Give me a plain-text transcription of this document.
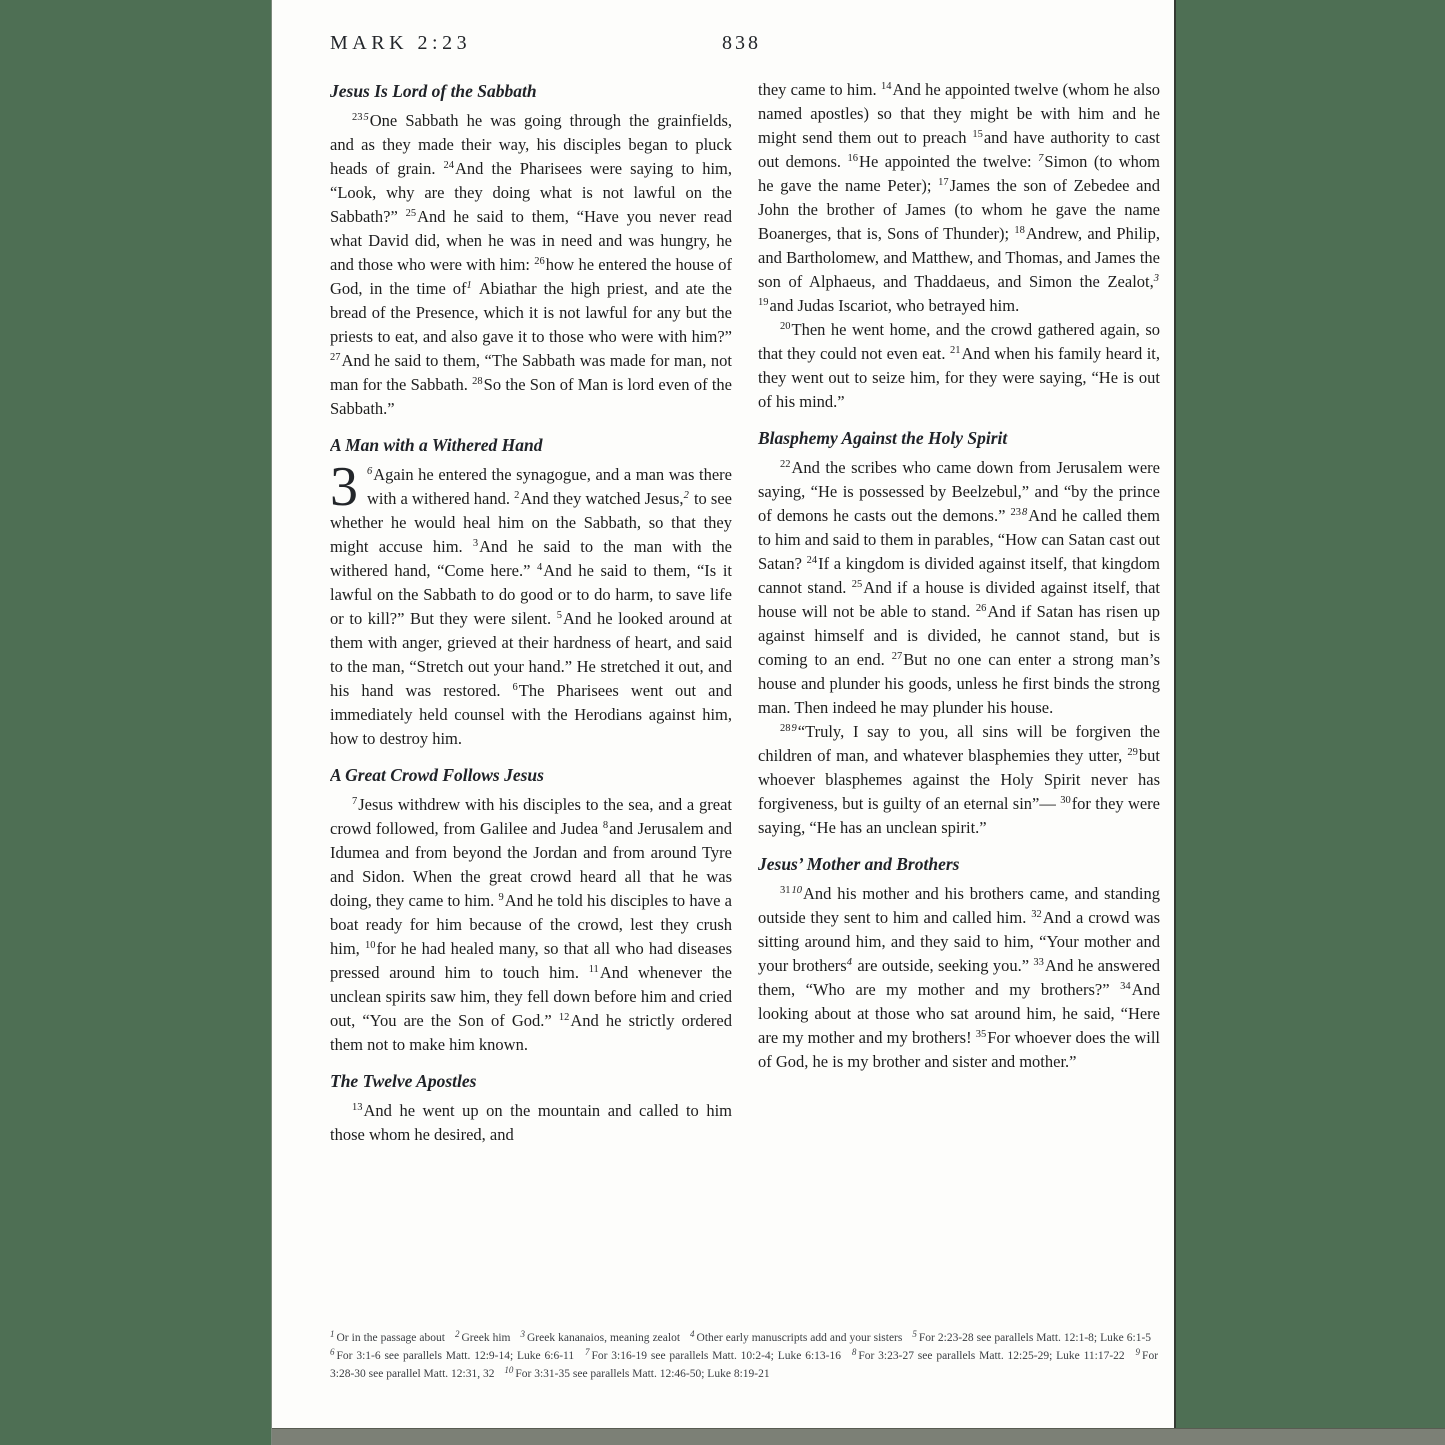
MARK 2:23	838
Jesus Is Lord of the Sabbath

$^{235}$One Sabbath he was going through the grainfields, and as they made their way, his disciples began to pluck heads of grain. $^{24}$And the Pharisees were saying to him, “Look, why are they doing what is not lawful on the Sabbath?” $^{25}$And he said to them, “Have you never read what David did, when he was in need and was hungry, he and those who were with him: $^{26}$how he entered the house of God, in the time of$^1$ Abiathar the high priest, and ate the bread of the Presence, which it is not lawful for any but the priests to eat, and also gave it to those who were with him?” $^{27}$And he said to them, “The Sabbath was made for man, not man for the Sabbath. $^{28}$So the Son of Man is lord even of the Sabbath.”

A Man with a Withered Hand

3 $^6$Again he entered the synagogue, and a man was there with a withered hand. $^2$And they watched Jesus,$^2$ to see whether he would heal him on the Sabbath, so that they might accuse him. $^3$And he said to the man with the withered hand, “Come here.” $^4$And he said to them, “Is it lawful on the Sabbath to do good or to do harm, to save life or to kill?” But they were silent. $^5$And he looked around at them with anger, grieved at their hardness of heart, and said to the man, “Stretch out your hand.” He stretched it out, and his hand was restored. $^6$The Pharisees went out and immediately held counsel with the Herodians against him, how to destroy him.

A Great Crowd Follows Jesus

$^7$Jesus withdrew with his disciples to the sea, and a great crowd followed, from Galilee and Judea $^8$and Jerusalem and Idumea and from beyond the Jordan and from around Tyre and Sidon. When the great crowd heard all that he was doing, they came to him. $^9$And he told his disciples to have a boat ready for him because of the crowd, lest they crush him, $^{10}$for he had healed many, so that all who had diseases pressed around him to touch him. $^{11}$And whenever the unclean spirits saw him, they fell down before him and cried out, “You are the Son of God.” $^{12}$And he strictly ordered them not to make him known.

The Twelve Apostles

$^{13}$And he went up on the mountain and called to him those whom he desired, and

they came to him. $^{14}$And he appointed twelve (whom he also named apostles) so that they might be with him and he might send them out to preach $^{15}$and have authority to cast out demons. $^{16}$He appointed the twelve: $^7$Simon (to whom he gave the name Peter); $^{17}$James the son of Zebedee and John the brother of James (to whom he gave the name Boanerges, that is, Sons of Thunder); $^{18}$Andrew, and Philip, and Bartholomew, and Matthew, and Thomas, and James the son of Alphaeus, and Thaddaeus, and Simon the Zealot,$^3$ $^{19}$and Judas Iscariot, who betrayed him.

$^{20}$Then he went home, and the crowd gathered again, so that they could not even eat. $^{21}$And when his family heard it, they went out to seize him, for they were saying, “He is out of his mind.”

Blasphemy Against the Holy Spirit

$^{22}$And the scribes who came down from Jerusalem were saying, “He is possessed by Beelzebul,” and “by the prince of demons he casts out the demons.” $^{238}$And he called them to him and said to them in parables, “How can Satan cast out Satan? $^{24}$If a kingdom is divided against itself, that kingdom cannot stand. $^{25}$And if a house is divided against itself, that house will not be able to stand. $^{26}$And if Satan has risen up against himself and is divided, he cannot stand, but is coming to an end. $^{27}$But no one can enter a strong man’s house and plunder his goods, unless he first binds the strong man. Then indeed he may plunder his house.

$^{289}$“Truly, I say to you, all sins will be forgiven the children of man, and whatever blasphemies they utter, $^{29}$but whoever blasphemes against the Holy Spirit never has forgiveness, but is guilty of an eternal sin”— $^{30}$for they were saying, “He has an unclean spirit.”

Jesus’ Mother and Brothers

$^{3110}$And his mother and his brothers came, and standing outside they sent to him and called him. $^{32}$And a crowd was sitting around him, and they said to him, “Your mother and your brothers$^4$ are outside, seeking you.” $^{33}$And he answered them, “Who are my mother and my brothers?” $^{34}$And looking about at those who sat around him, he said, “Here are my mother and my brothers! $^{35}$For whoever does the will of God, he is my brother and sister and mother.”

$^1$ Or in the passage about $^2$ Greek him $^3$ Greek kananaios, meaning zealot $^4$ Other early manuscripts add and your sisters $^5$ For 2:23-28 see parallels Matt. 12:1-8; Luke 6:1-5 $^6$ For 3:1-6 see parallels Matt. 12:9-14; Luke 6:6-11 $^7$ For 3:16-19 see parallels Matt. 10:2-4; Luke 6:13-16 $^8$ For 3:23-27 see parallels Matt. 12:25-29; Luke 11:17-22 $^9$ For 3:28-30 see parallel Matt. 12:31, 32 $^{10}$ For 3:31-35 see parallels Matt. 12:46-50; Luke 8:19-21
